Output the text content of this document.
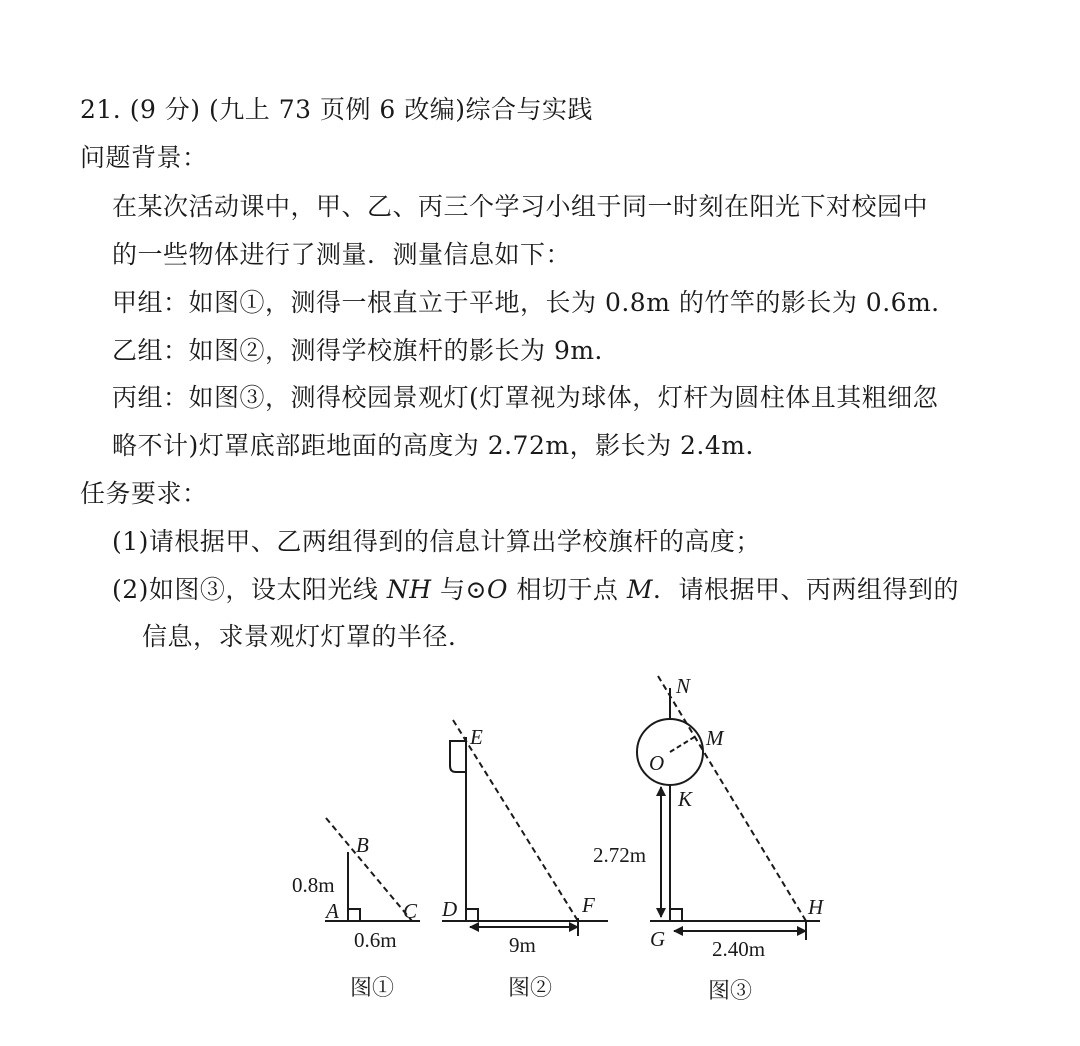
21. (9 分) (九上 73 页例 6 改编)综合与实践
问题背景：
在某次活动课中，甲、乙、丙三个学习小组于同一时刻在阳光下对校园中
的一些物体进行了测量．测量信息如下：
甲组：如图①，测得一根直立于平地，长为 0.8m 的竹竿的影长为 0.6m．
乙组：如图②，测得学校旗杆的影长为 9m．
丙组：如图③，测得校园景观灯(灯罩视为球体，灯杆为圆柱体且其粗细忽
略不计)灯罩底部距地面的高度为 2.72m，影长为 2.4m．
任务要求：
(1)请根据甲、乙两组得到的信息计算出学校旗杆的高度；
(2)如图③，设太阳光线 NH 与⊙O 相切于点 M．请根据甲、丙两组得到的
信息，求景观灯灯罩的半径．
B
A	C
0.8m
0.6m
图①
E
D	F
9m
图②
N
M
O
K
G
H
2.72m
2.40m
图③
